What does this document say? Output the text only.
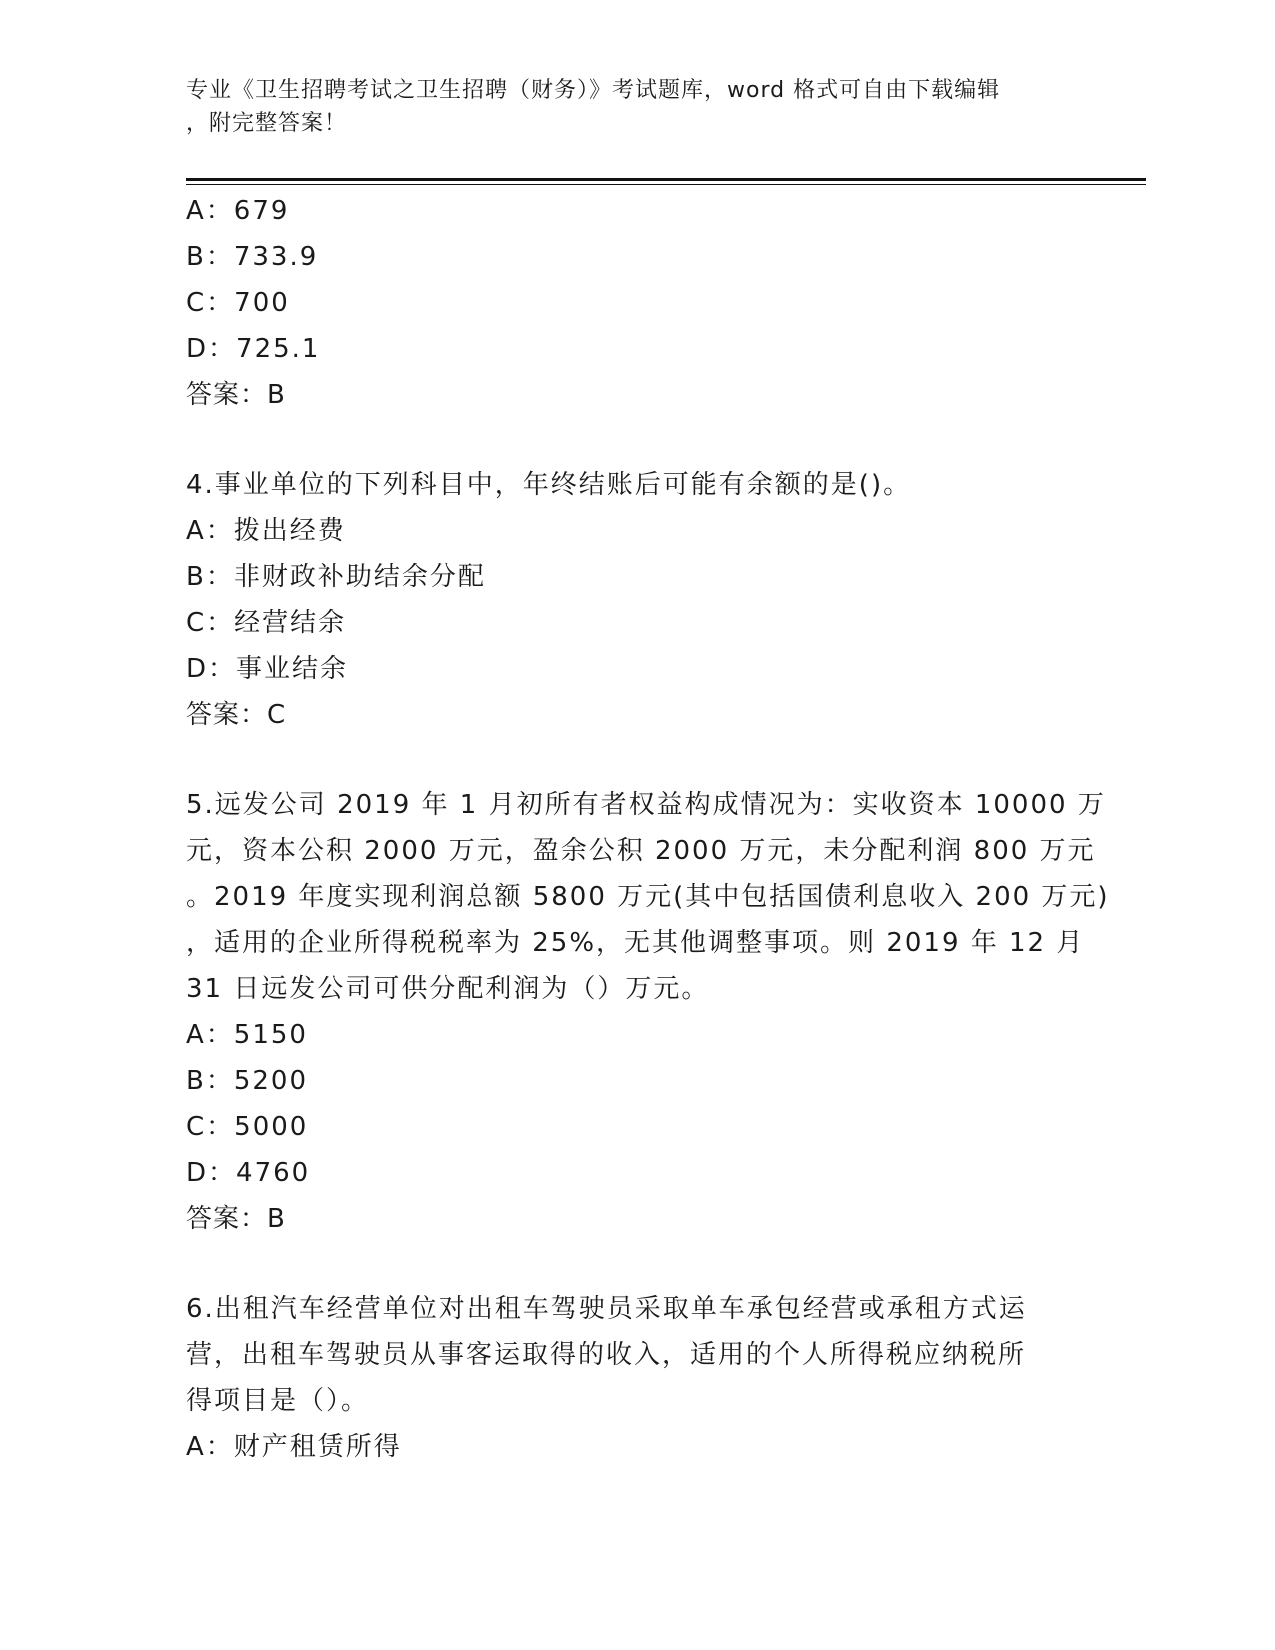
专业《卫生招聘考试之卫生招聘（财务）》考试题库，word 格式可自由下载编辑
，附完整答案！
A：679
B：733.9
C：700
D：725.1
答案：B
4.事业单位的下列科目中，年终结账后可能有余额的是()。
A：拨出经费
B：非财政补助结余分配
C：经营结余
D：事业结余
答案：C
5.远发公司 2019 年 1 月初所有者权益构成情况为：实收资本 10000 万
元，资本公积 2000 万元，盈余公积 2000 万元，未分配利润 800 万元
。2019 年度实现利润总额 5800 万元(其中包括国债利息收入 200 万元)
，适用的企业所得税税率为 25%，无其他调整事项。则 2019 年 12 月
31 日远发公司可供分配利润为（）万元。
A：5150
B：5200
C：5000
D：4760
答案：B
6.出租汽车经营单位对出租车驾驶员采取单车承包经营或承租方式运
营，出租车驾驶员从事客运取得的收入，适用的个人所得税应纳税所
得项目是（）。
A：财产租赁所得
